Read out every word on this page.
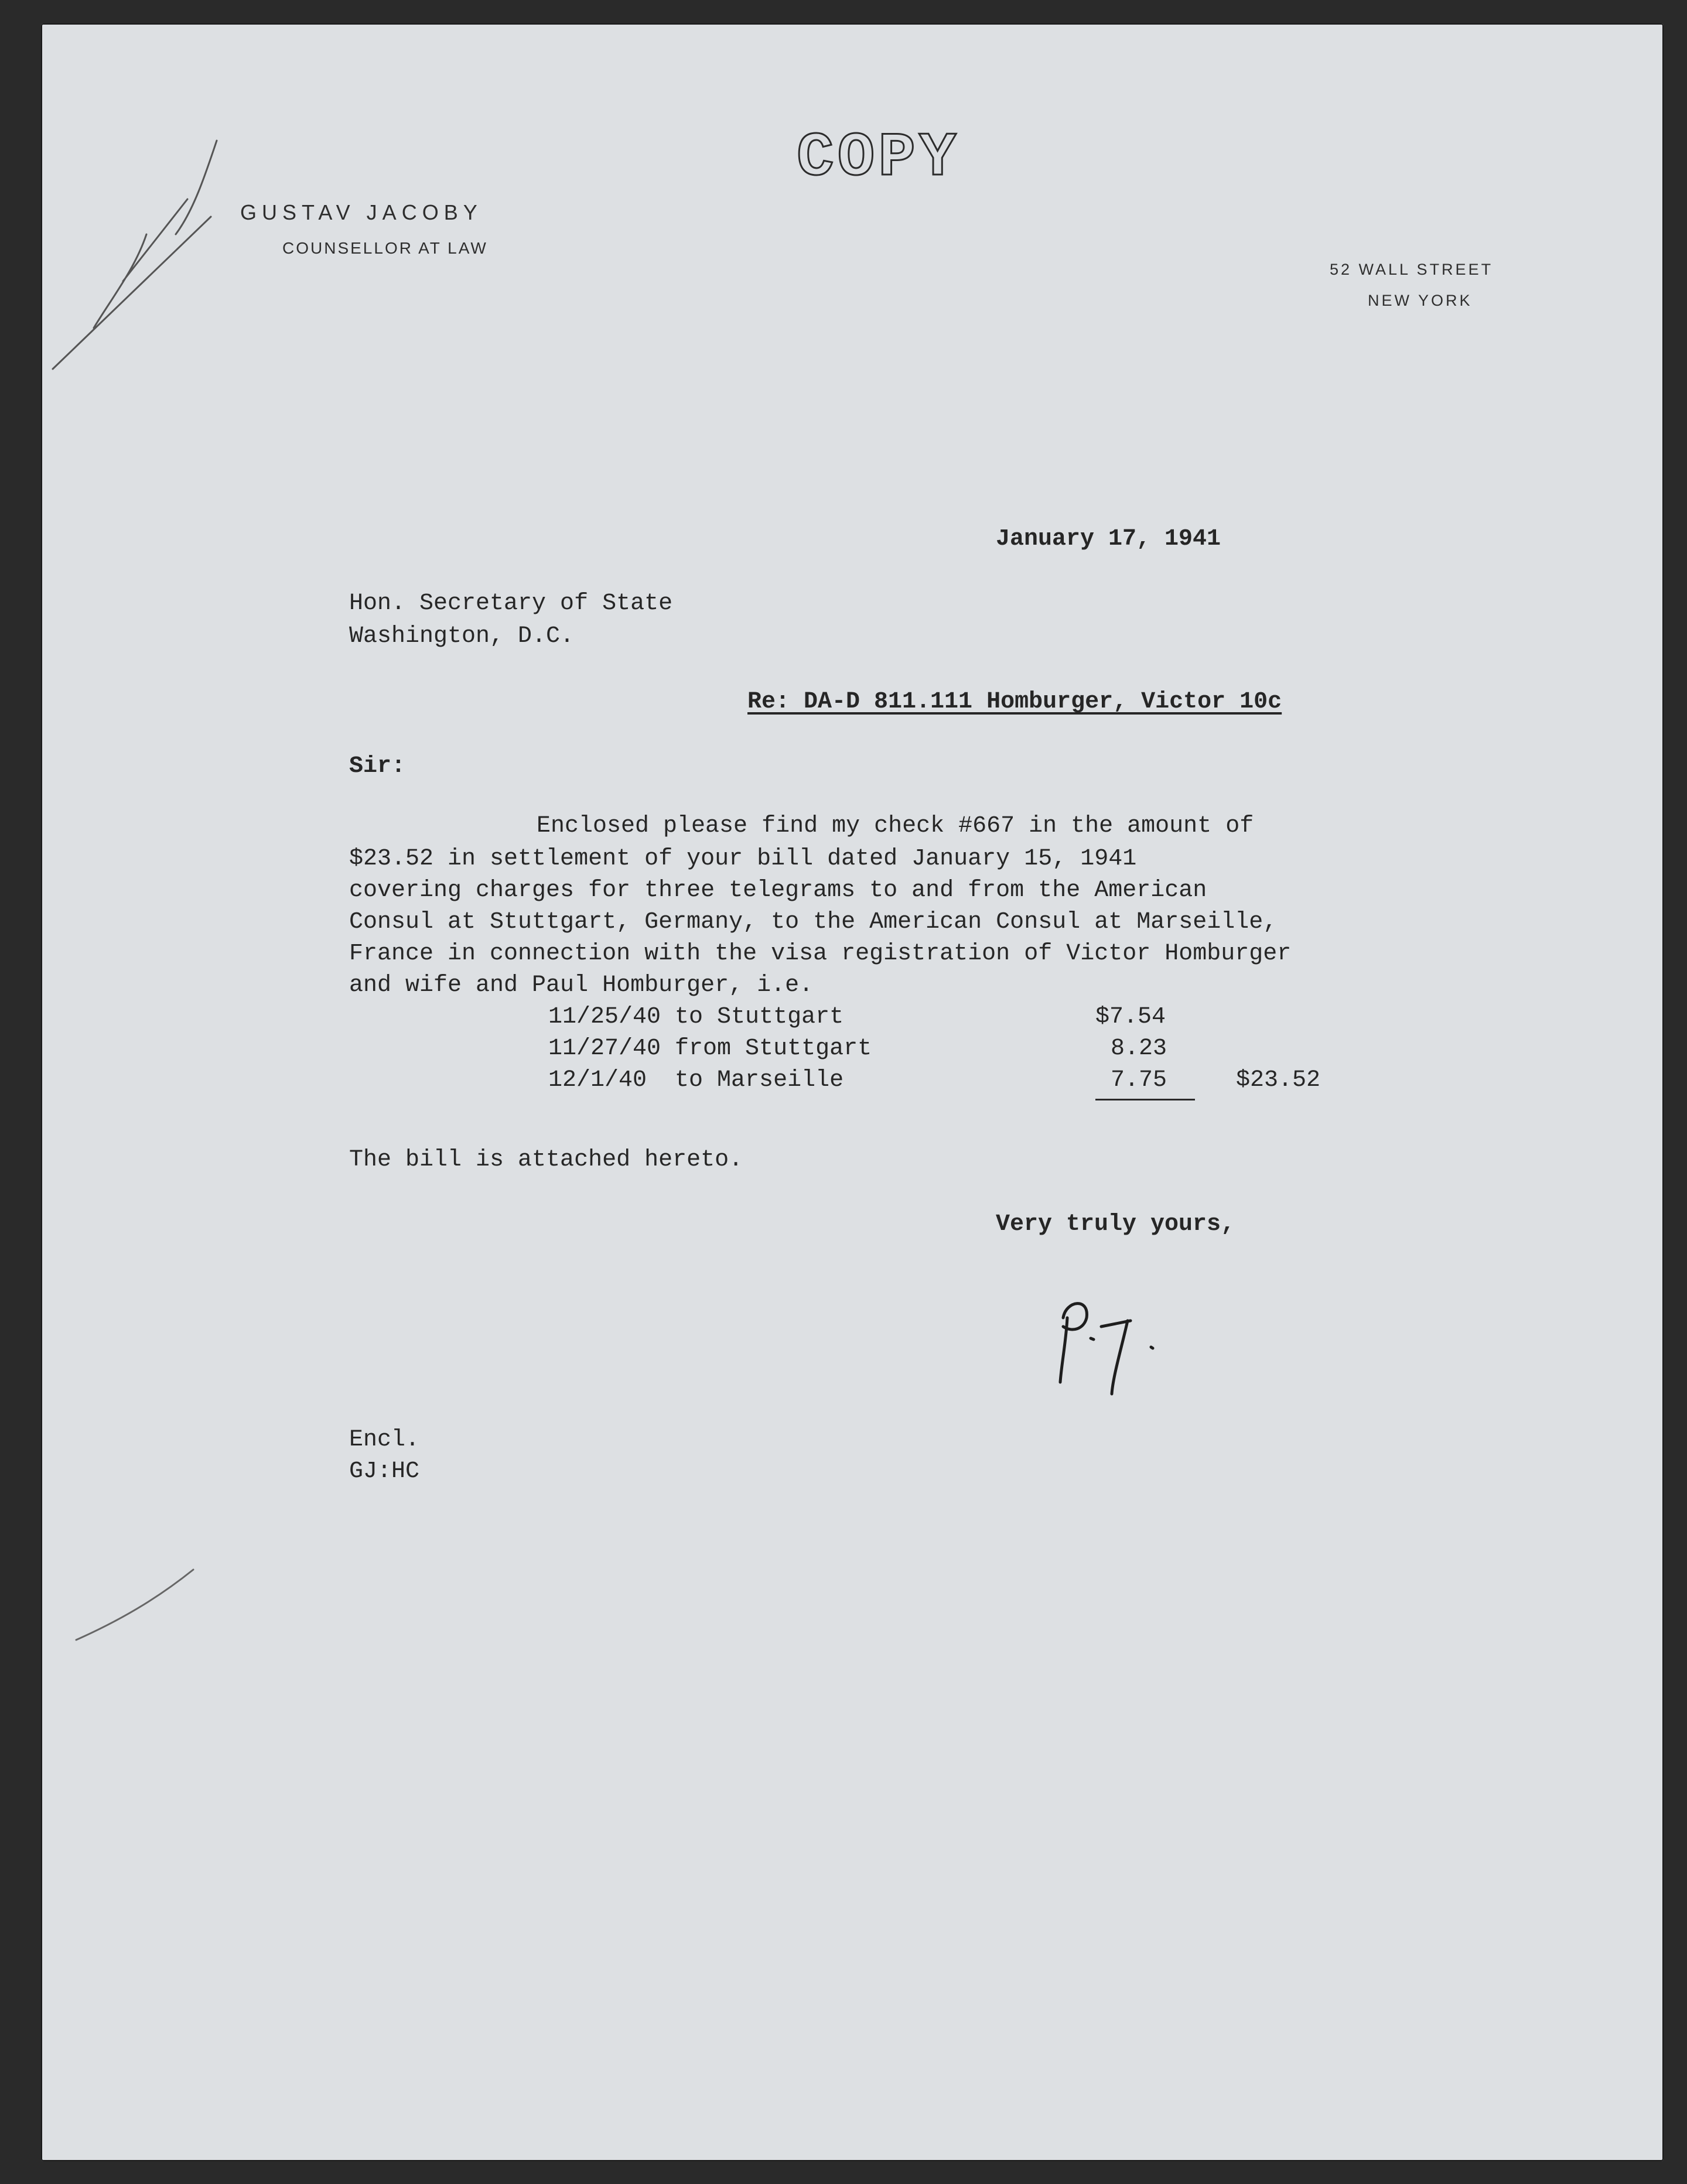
COPY
GUSTAV JACOBY
COUNSELLOR AT LAW
52 WALL STREET
NEW YORK
January 17, 1941
Hon. Secretary of State
Washington, D.C.
Re: DA-D 811.111 Homburger, Victor 10c
Sir:
Enclosed please find my check #667 in the amount of
$23.52 in settlement of your bill dated January 15, 1941
covering charges for three telegrams to and from the American
Consul at Stuttgart, Germany, to the American Consul at Marseille,
France in connection with the visa registration of Victor Homburger
and wife and Paul Homburger, i.e.
11/25/40 to Stuttgart	$7.54
11/27/40 from Stuttgart	8.23
12/1/40  to Marseille	7.75	$23.52
The bill is attached hereto.
Very truly yours,
Encl.
GJ:HC
